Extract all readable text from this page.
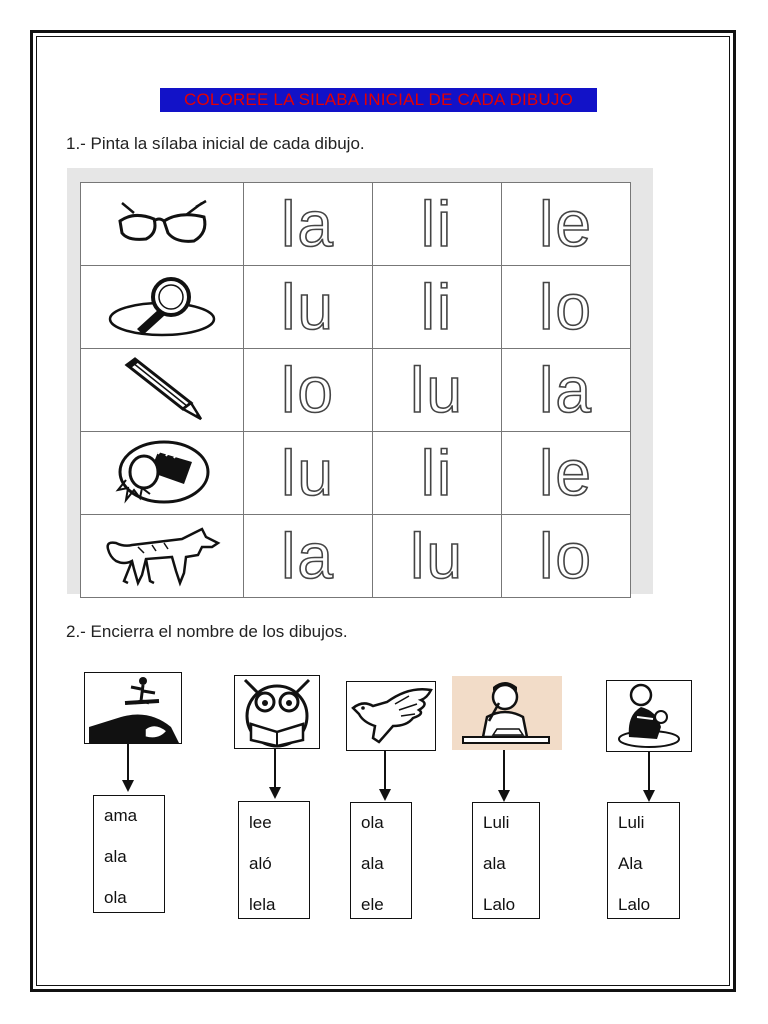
COLOREE LA SILABA INICIAL DE CADA DIBUJO
1.- Pinta la sílaba inicial de cada dibujo.
	la	li	le

	lu	li	lo

	lo	lu	la

	lu	li	le

	la	lu	lo
2.- Encierra el nombre de los dibujos.
ama
ala
ola
lee
aló
lela
ola
ala
ele
Luli
ala
Lalo
Luli
Ala
Lalo
